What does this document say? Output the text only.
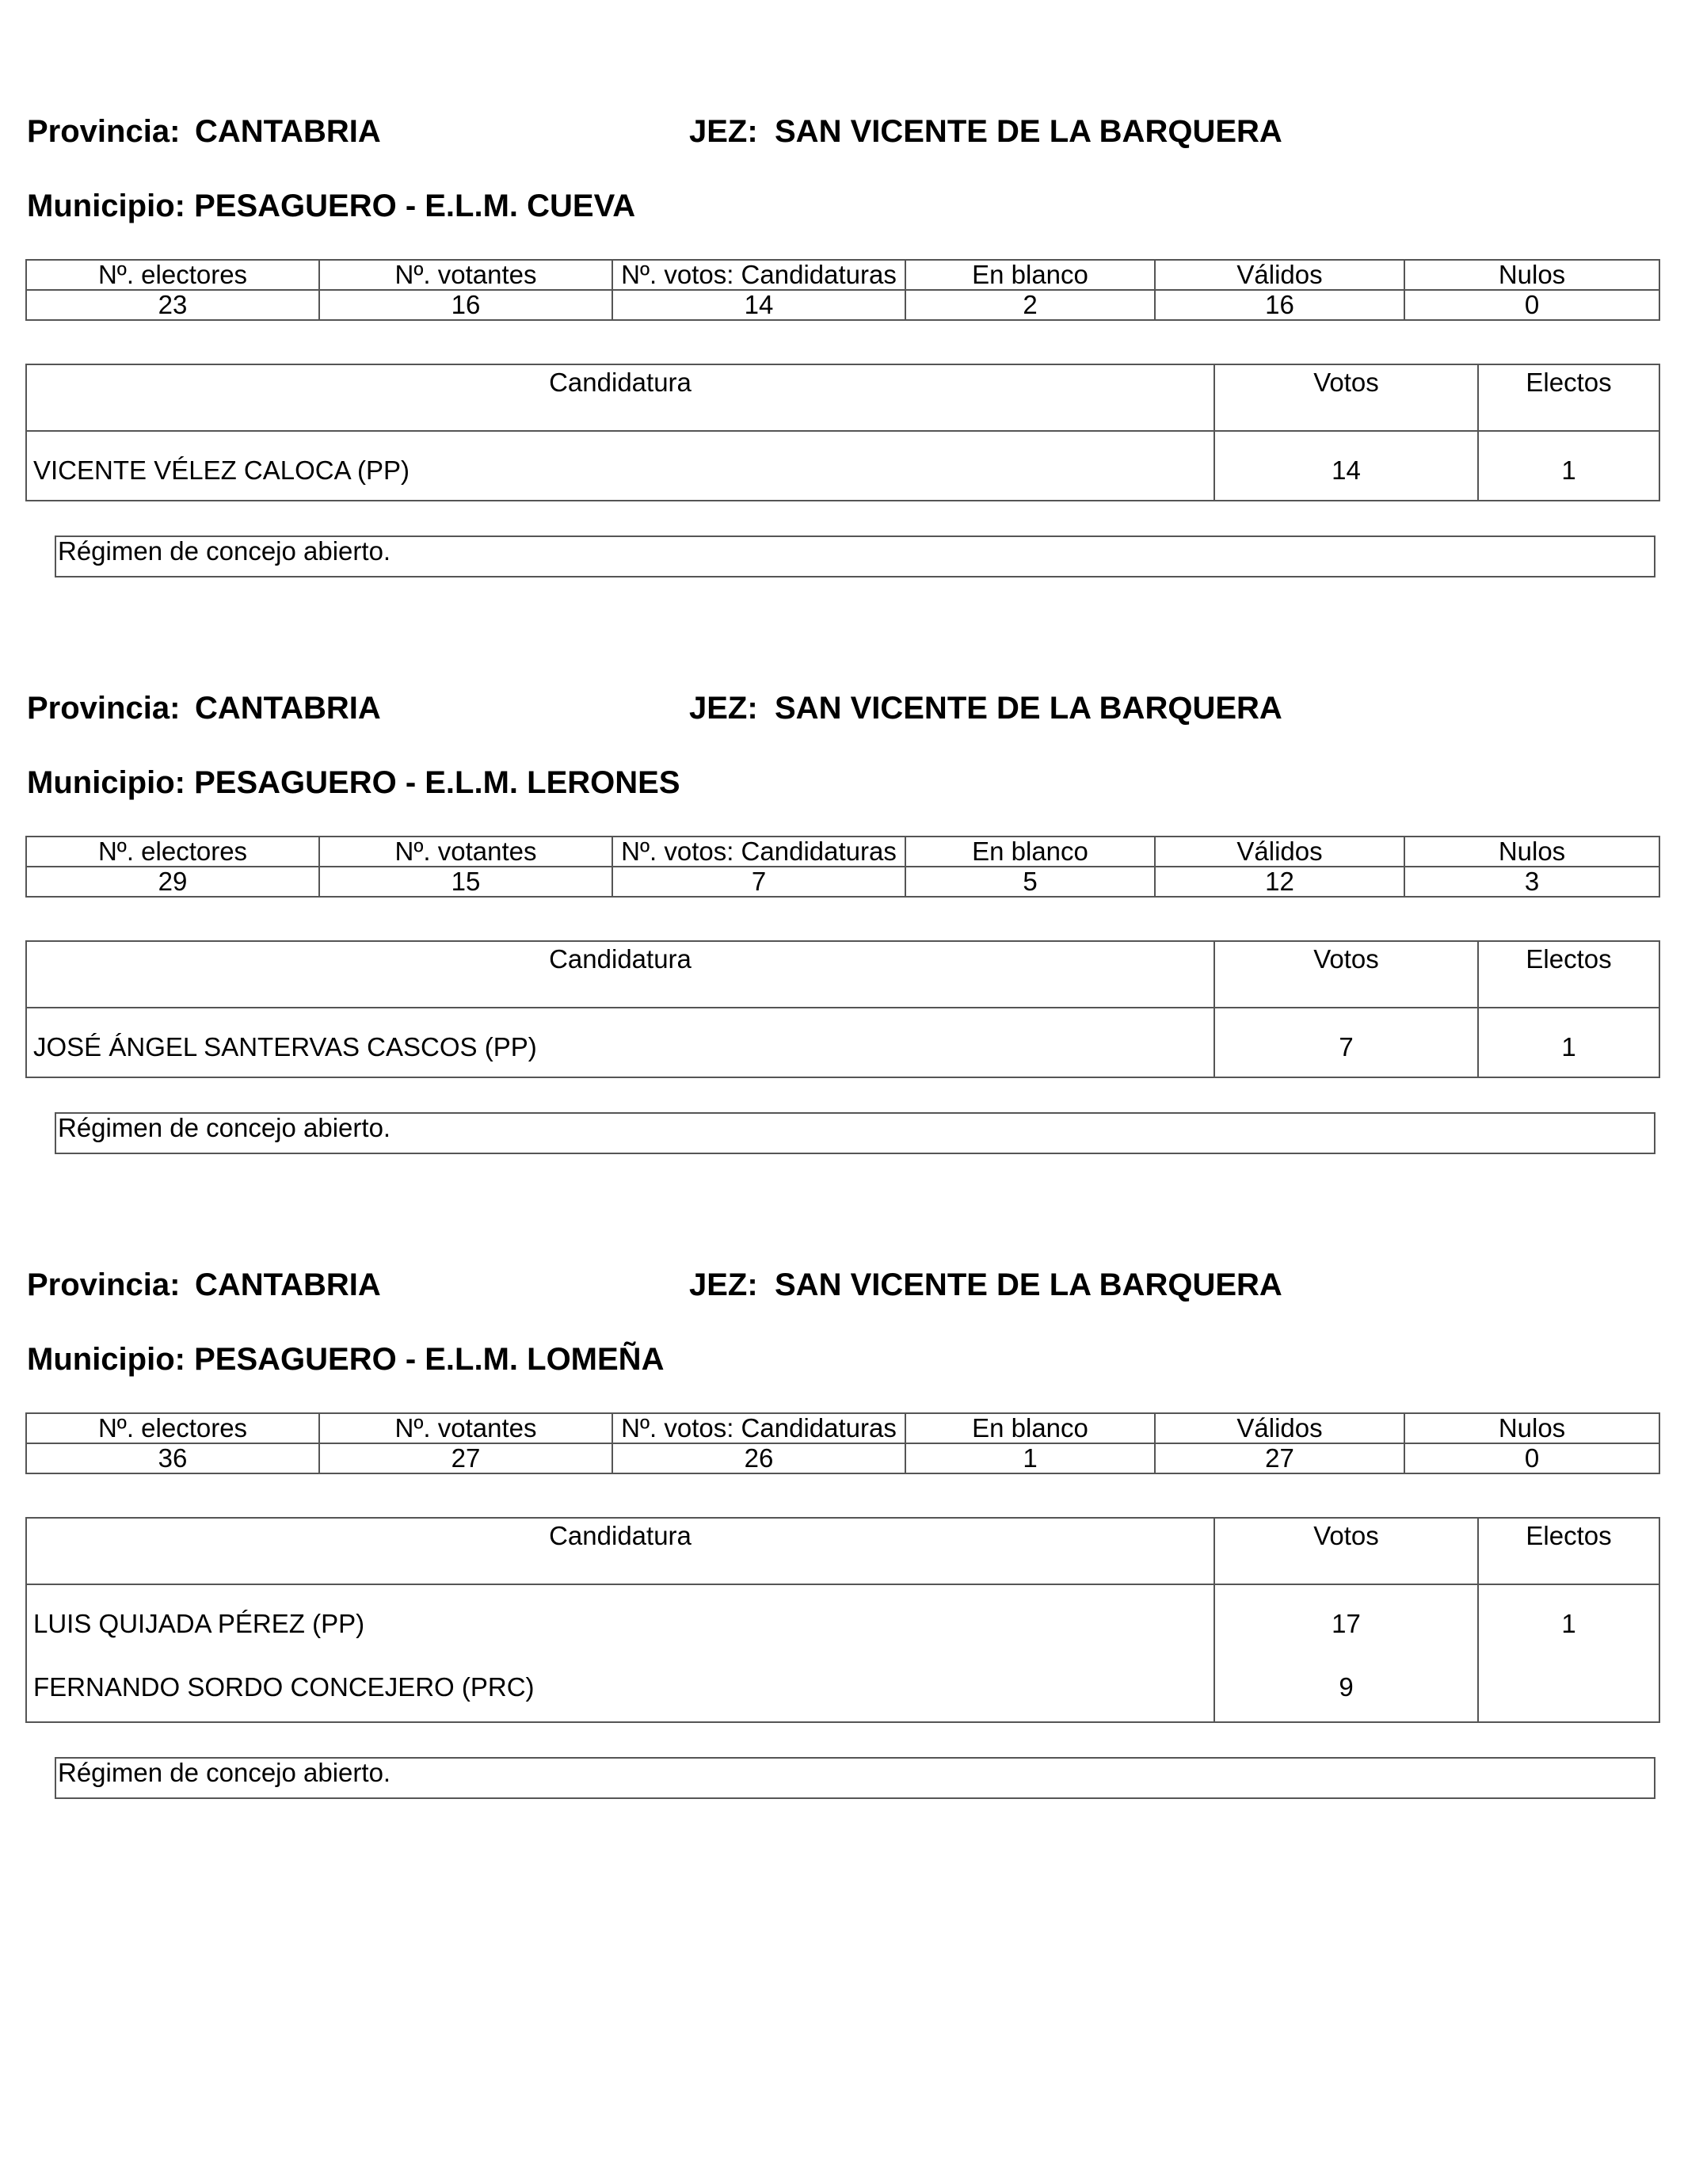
Provincia: CANTABRIA	JEZ: SAN VICENTE DE LA BARQUERA
Municipio: PESAGUERO - E.L.M. CUEVA
Nº. electores	Nº. votantes	Nº. votos: Candidaturas	En blanco	Válidos	Nulos
23	16	14	2	16	0
Candidatura	Votos	Electos
VICENTE VÉLEZ CALOCA (PP)	14	1
Régimen de concejo abierto.
Provincia: CANTABRIA	JEZ: SAN VICENTE DE LA BARQUERA
Municipio: PESAGUERO - E.L.M. LERONES
Nº. electores	Nº. votantes	Nº. votos: Candidaturas	En blanco	Válidos	Nulos
29	15	7	5	12	3
Candidatura	Votos	Electos
JOSÉ ÁNGEL SANTERVAS CASCOS (PP)	7	1
Régimen de concejo abierto.
Provincia: CANTABRIA	JEZ: SAN VICENTE DE LA BARQUERA
Municipio: PESAGUERO - E.L.M. LOMEÑA
Nº. electores	Nº. votantes	Nº. votos: Candidaturas	En blanco	Válidos	Nulos
36	27	26	1	27	0
Candidatura	Votos	Electos
LUIS QUIJADA PÉREZ (PP)	17	1
FERNANDO SORDO CONCEJERO (PRC)	9	
Régimen de concejo abierto.
